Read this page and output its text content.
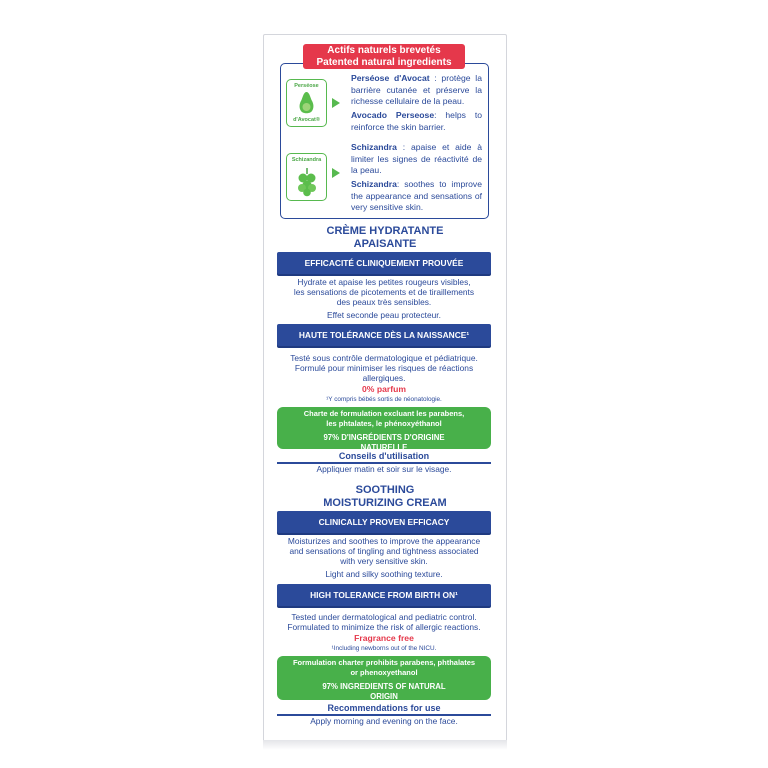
Actifs naturels brevetés
Patented natural ingredients
Perséose
d'Avocat®
Perséose d'Avocat : protège la barrière cutanée et préserve la richesse cellulaire de la peau.
Avocado Perseose: helps to reinforce the skin barrier.
Schizandra
Schizandra : apaise et aide à limiter les signes de réactivité de la peau.
Schizandra: soothes to improve the appearance and sensations of very sensitive skin.
CRÈME HYDRATANTE
APAISANTE
EFFICACITÉ CLINIQUEMENT PROUVÉE
Hydrate et apaise les petites rougeurs visibles,
les sensations de picotements et de tiraillements
des peaux très sensibles.
Effet seconde peau protecteur.
HAUTE TOLÉRANCE DÈS LA NAISSANCE¹
Testé sous contrôle dermatologique et pédiatrique.
Formulé pour minimiser les risques de réactions
allergiques.
0% parfum
¹Y compris bébés sortis de néonatologie.
Charte de formulation excluant les parabens,
les phtalates, le phénoxyéthanol
97% D'INGRÉDIENTS D'ORIGINE
NATURELLE
Conseils d'utilisation
Appliquer matin et soir sur le visage.
SOOTHING
MOISTURIZING CREAM
CLINICALLY PROVEN EFFICACY
Moisturizes and soothes to improve the appearance
and sensations of tingling and tightness associated
with very sensitive skin.
Light and silky soothing texture.
HIGH TOLERANCE FROM BIRTH ON¹
Tested under dermatological and pediatric control.
Formulated to minimize the risk of allergic reactions.
Fragrance free
¹Including newborns out of the NICU.
Formulation charter prohibits parabens, phthalates
or phenoxyethanol
97% INGREDIENTS OF NATURAL
ORIGIN
Recommendations for use
Apply morning and evening on the face.
